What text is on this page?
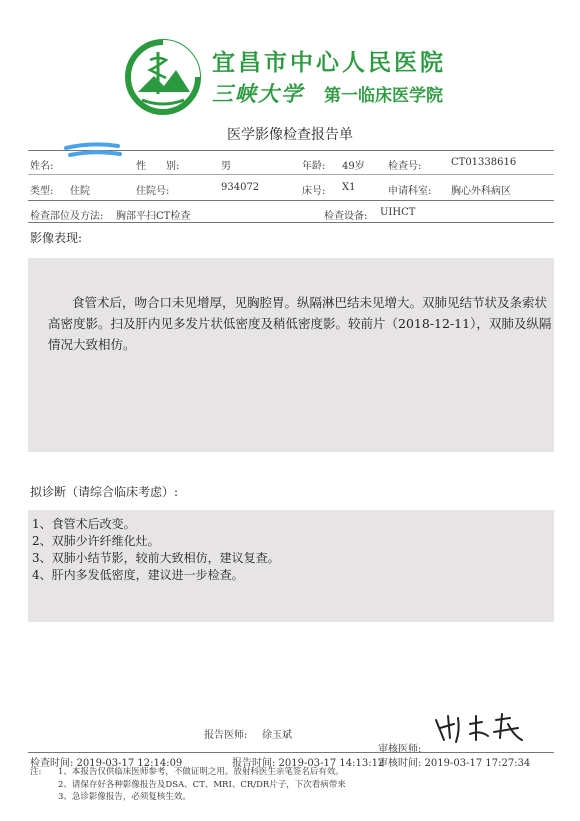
宜昌市中心人民医院
三峡大学 第一临床医学院
医学影像检查报告单
姓名:	性　　别:	男	年龄: 49岁 检查号:	CT01338616
类型: 住院	住院号:	934072	床号: X1	申请科室: 胸心外科病区
检查部位及方法: 胸部平扫CT检查	检查设备: UIHCT
影像表现:
食管术后，吻合口未见增厚，见胸腔胃。纵隔淋巴结未见增大。双肺见结节状及条索状高密度影。扫及肝内见多发片状低密度及稍低密度影。较前片（2018-12-11），双肺及纵隔情况大致相仿。
拟诊断（请综合临床考虑）:
1、食管术后改变。
2、双肺少许纤维化灶。
3、双肺小结节影，较前大致相仿，建议复查。
4、肝内多发低密度，建议进一步检查。
报告医师: 徐玉斌
审核医师:
检查时间: 2019-03-17 12:14:09	报告时间: 2019-03-17 14:13:12
审核时间: 2019-03-17 17:27:34
注: 1、本报告仅供临床医师参考，不做证明之用。放射科医生亲笔签名后有效。
2、请保存好各种影像报告及DSA、CT、MRI、CR/DR片子，下次看病带来
3、急诊影像报告，必须复核生效。
